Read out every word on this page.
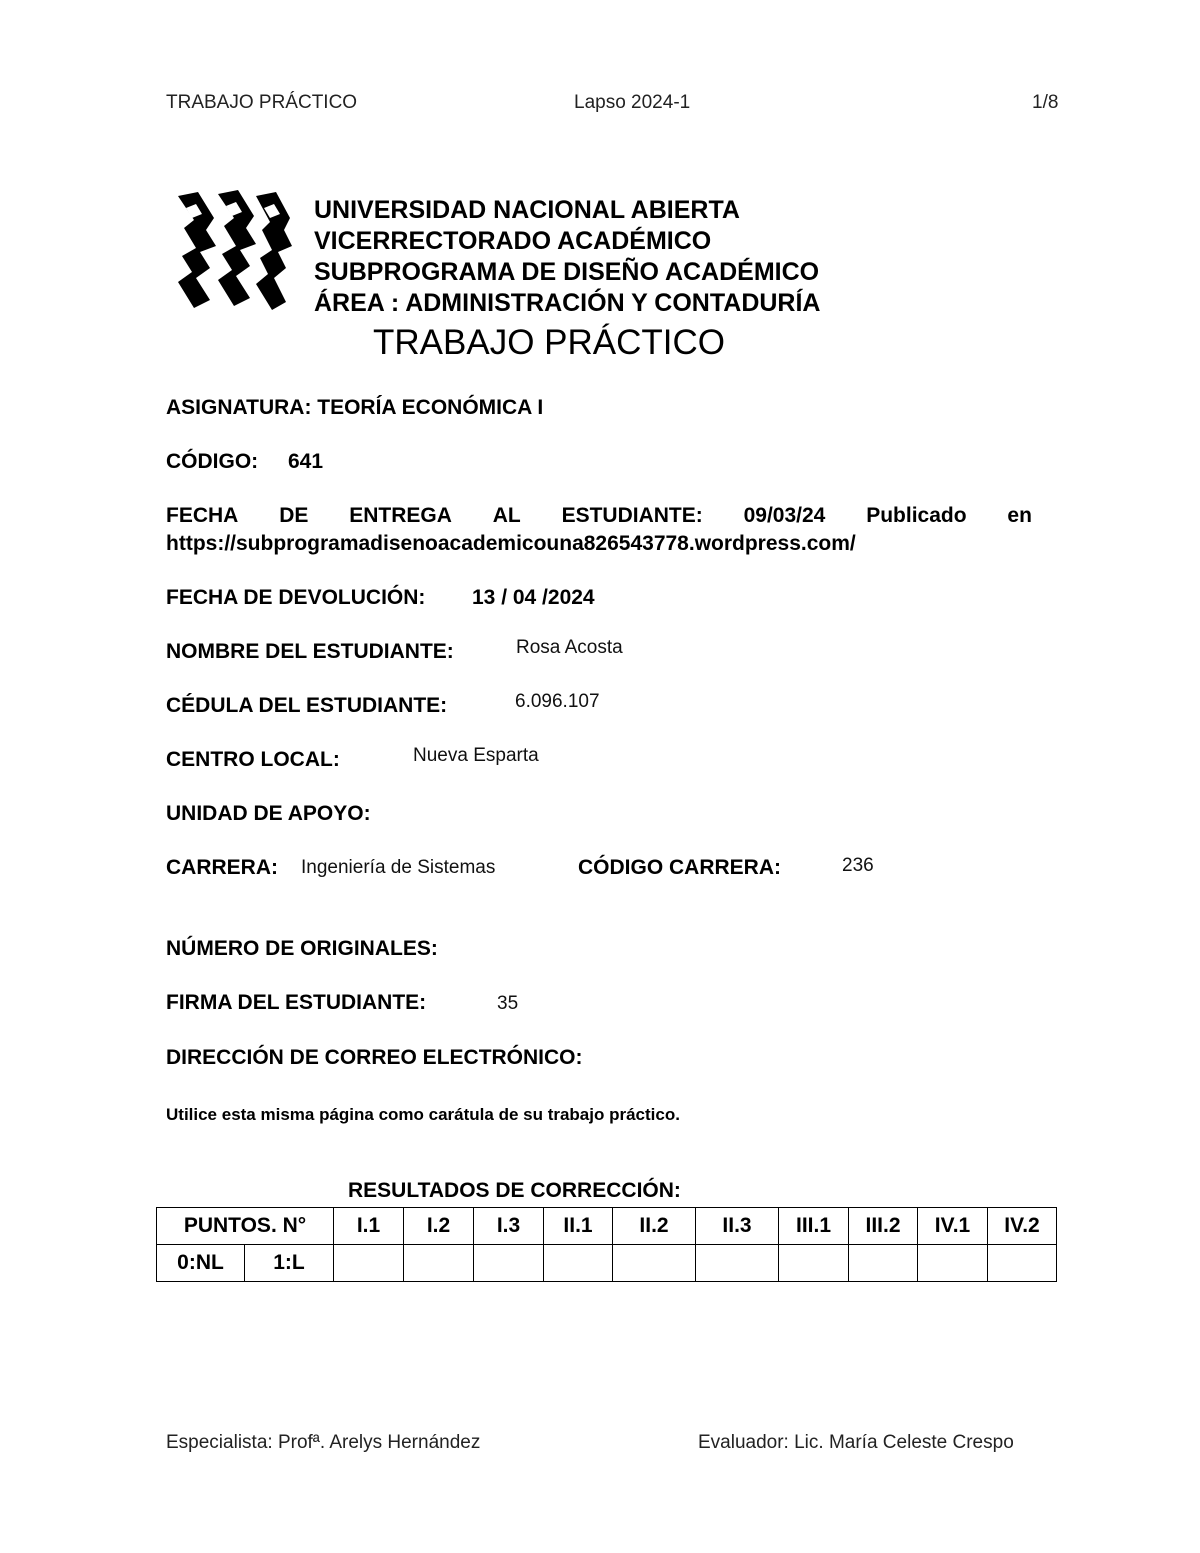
TRABAJO PRÁCTICO	Lapso 2024-1	1/8
UNIVERSIDAD NACIONAL ABIERTA
VICERRECTORADO ACADÉMICO
SUBPROGRAMA DE DISEÑO ACADÉMICO
ÁREA : ADMINISTRACIÓN Y CONTADURÍA
TRABAJO PRÁCTICO
ASIGNATURA: TEORÍA ECONÓMICA I
CÓDIGO: 641
FECHA DE ENTREGA AL ESTUDIANTE: 09/03/24 Publicado en
https://subprogramadisenoacademicouna826543778.wordpress.com/
FECHA DE DEVOLUCIÓN: 13 / 04 /2024
NOMBRE DEL ESTUDIANTE:	Rosa Acosta
CÉDULA DEL ESTUDIANTE:	6.096.107
CENTRO LOCAL:	Nueva Esparta
UNIDAD DE APOYO:
CARRERA: Ingeniería de Sistemas	CÓDIGO CARRERA:	236
NÚMERO DE ORIGINALES:
FIRMA DEL ESTUDIANTE:	35
DIRECCIÓN DE CORREO ELECTRÓNICO:
Utilice esta misma página como carátula de su trabajo práctico.
RESULTADOS DE CORRECCIÓN:
PUNTOS. N°		I.1	I.2	I.3	II.1	II.2	II.3	III.1	III.2	IV.1	IV.2
0:NL	1:L										
Especialista: Profª. Arelys Hernández	Evaluador: Lic. María Celeste Crespo
